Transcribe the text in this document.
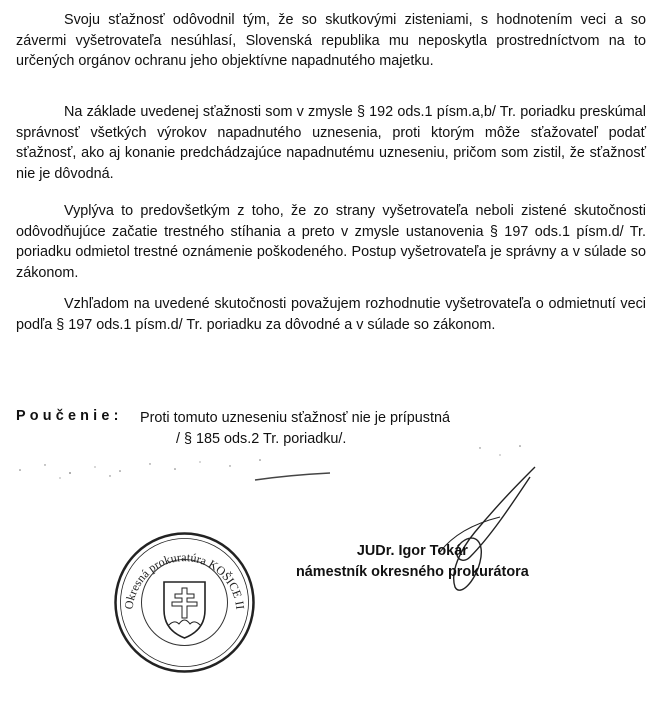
Svoju sťažnosť odôvodnil tým, že so skutkovými zisteniami, s hodnotením veci a so závermi vyšetrovateľa nesúhlasí, Slovenská republika mu neposkytla prostredníctvom na to určených orgánov ochranu jeho objektívne napadnutého majetku.

Na základe uvedenej sťažnosti som v zmysle § 192 ods.1 písm.a,b/ Tr. poriadku preskúmal správnosť všetkých výrokov napadnutého uznesenia, proti ktorým môže sťažovateľ podať sťažnosť, ako aj konanie predchádzajúce napadnutému uzneseniu, pričom som zistil, že sťažnosť nie je dôvodná.

Vyplýva to predovšetkým z toho, že zo strany vyšetrovateľa neboli zistené skutočnosti odôvodňujúce začatie trestného stíhania a preto v zmysle ustanovenia § 197 ods.1 písm.d/ Tr. poriadku odmietol trestné oznámenie poškodeného. Postup vyšetrovateľa je správny a v súlade so zákonom.

Vzhľadom na uvedené skutočnosti považujem rozhodnutie vyšetrovateľa o odmietnutí veci podľa § 197 ods.1 písm.d/ Tr. poriadku za dôvodné a v súlade so zákonom.

Poučenie: Proti tomuto uzneseniu sťažnosť nie je prípustná
/ § 185 ods.2 Tr. poriadku/.
Okresná prokuratúra KOŠICE II
JUDr. Igor Tokár
námestník okresného prokurátora
